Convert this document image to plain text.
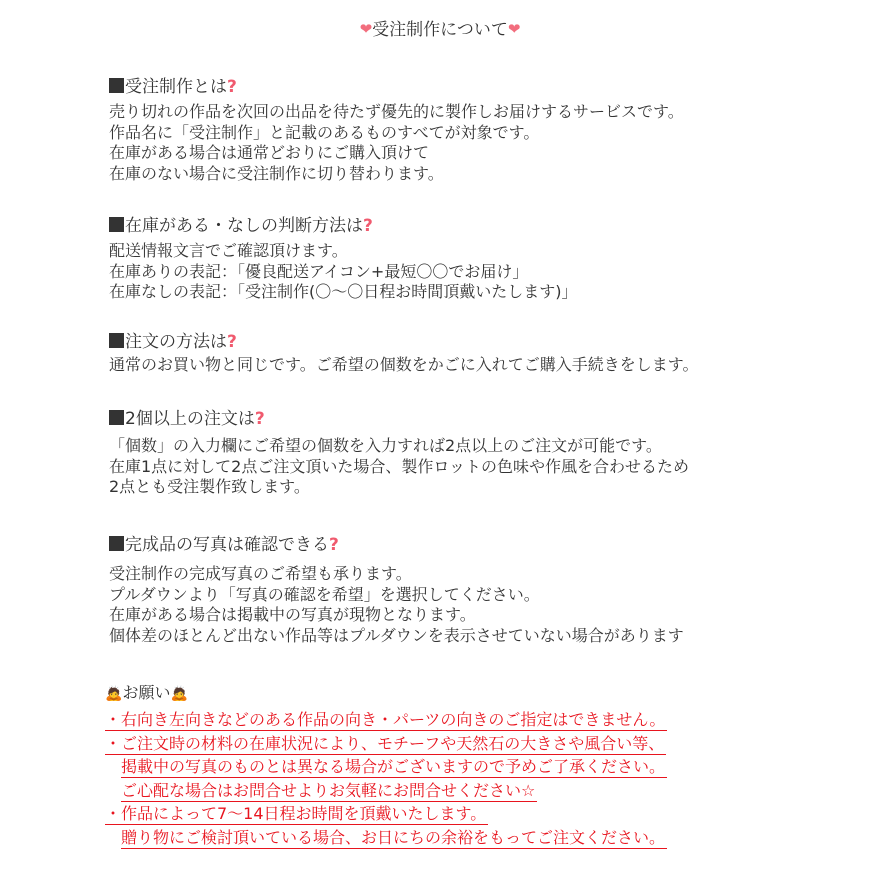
❤受注制作について❤
受注制作とは?
売り切れの作品を次回の出品を待たず優先的に製作しお届けするサービスです。
作品名に「受注制作」と記載のあるものすべてが対象です。
在庫がある場合は通常どおりにご購入頂けて
在庫のない場合に受注制作に切り替わります。
在庫がある・なしの判断方法は?
配送情報文言でご確認頂けます。
在庫ありの表記：「優良配送アイコン+最短〇〇でお届け」
在庫なしの表記：「受注制作(〇〜〇日程お時間頂戴いたします)」
注文の方法は?
通常のお買い物と同じです。ご希望の個数をかごに入れてご購入手続きをします。
2個以上の注文は?
「個数」の入力欄にご希望の個数を入力すれば2点以上のご注文が可能です。
在庫1点に対して2点ご注文頂いた場合、製作ロットの色味や作風を合わせるため
2点とも受注製作致します。
完成品の写真は確認できる?
受注制作の完成写真のご希望も承ります。
プルダウンより「写真の確認を希望」を選択してください。
在庫がある場合は掲載中の写真が現物となります。
個体差のほとんど出ない作品等はプルダウンを表示させていない場合があります
🙇お願い🙇
・右向き左向きなどのある作品の向き・パーツの向きのご指定はできません。
・ご注文時の材料の在庫状況により、モチーフや天然石の大きさや風合い等、
掲載中の写真のものとは異なる場合がございますので予めご了承ください。
ご心配な場合はお問合せよりお気軽にお問合せください☆
・作品によって7〜14日程お時間を頂戴いたします。
贈り物にご検討頂いている場合、お日にちの余裕をもってご注文ください。
